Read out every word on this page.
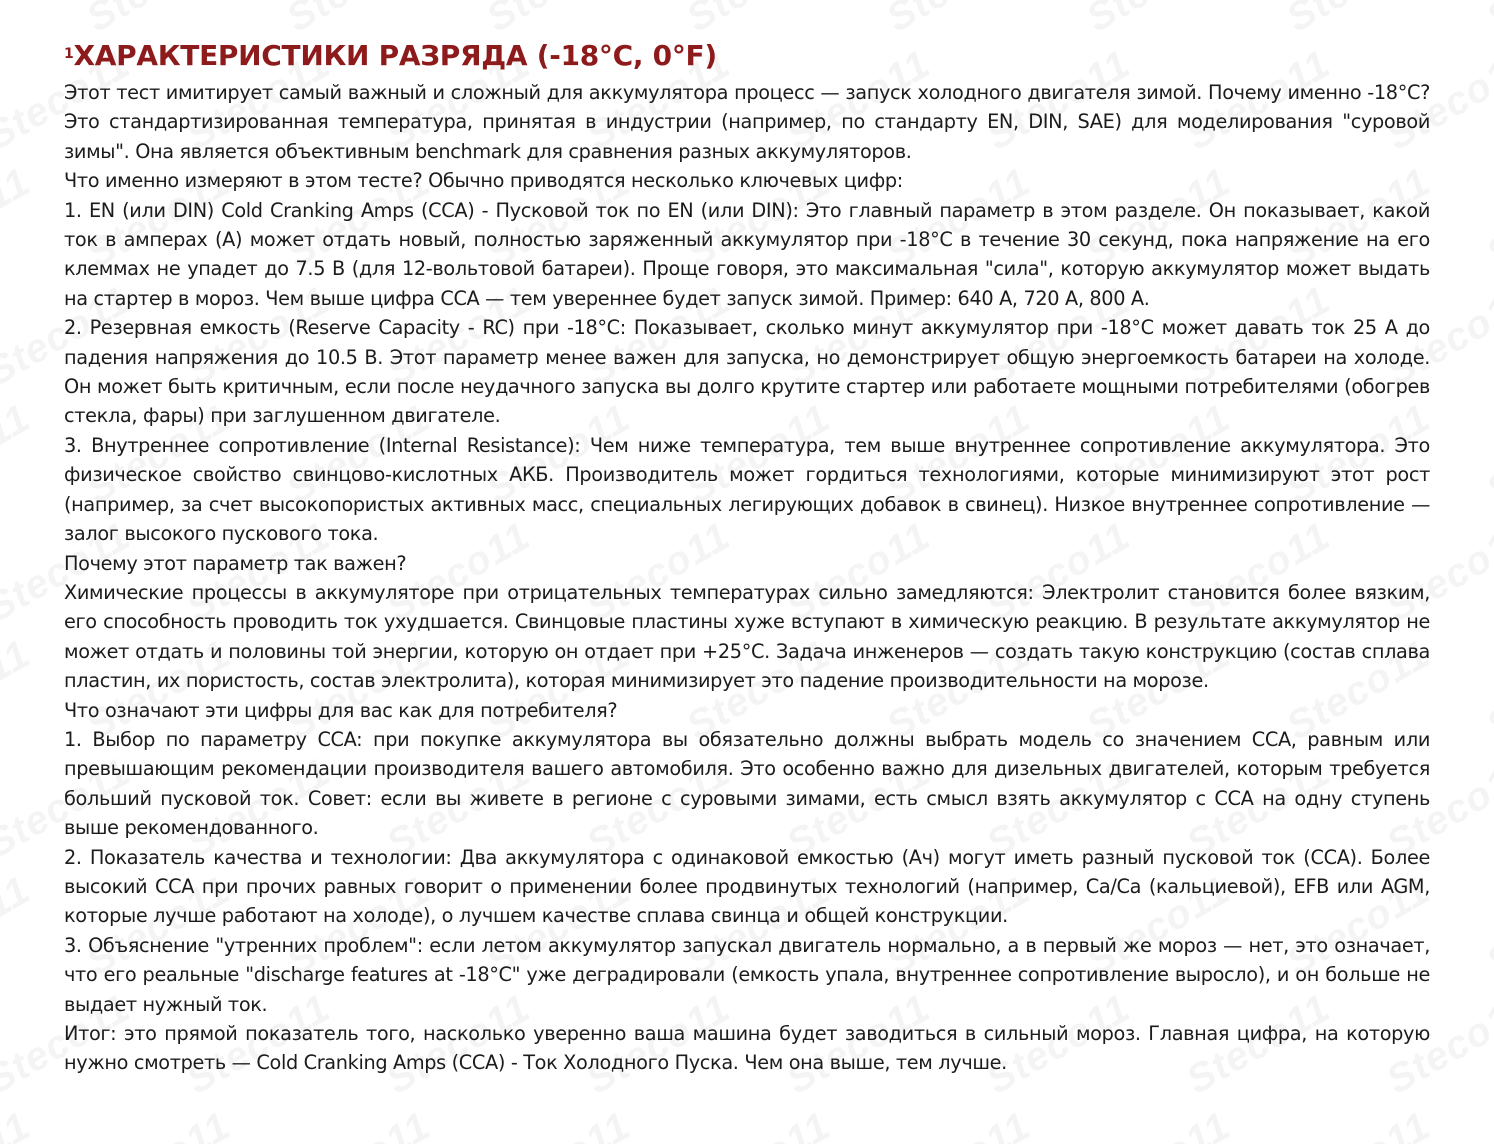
$^1$ХАРАКТЕРИСТИКИ РАЗРЯДА (-18°С, 0°F)

Этот тест имитирует самый важный и сложный для аккумулятора процесс — запуск холодного двигателя зимой. Почему именно -18°C? Это стандартизированная температура, принятая в индустрии (например, по стандарту EN, DIN, SAE) для моделирования "суровой зимы". Она является объективным benchmark для сравнения разных аккумуляторов.

Что именно измеряют в этом тесте? Обычно приводятся несколько ключевых цифр:

1. EN (или DIN) Cold Cranking Amps (CCA) - Пусковой ток по EN (или DIN): Это главный параметр в этом разделе. Он показывает, какой ток в амперах (А) может отдать новый, полностью заряженный аккумулятор при -18°C в течение 30 секунд, пока напряжение на его клеммах не упадет до 7.5 В (для 12-вольтовой батареи). Проще говоря, это максимальная "сила", которую аккумулятор может выдать на стартер в мороз. Чем выше цифра CCA — тем увереннее будет запуск зимой. Пример: 640 А, 720 А, 800 А.

2. Резервная емкость (Reserve Capacity - RC) при -18°C: Показывает, сколько минут аккумулятор при -18°C может давать ток 25 А до падения напряжения до 10.5 В. Этот параметр менее важен для запуска, но демонстрирует общую энергоемкость батареи на холоде. Он может быть критичным, если после неудачного запуска вы долго крутите стартер или работаете мощными потребителями (обогрев стекла, фары) при заглушенном двигателе.

3. Внутреннее сопротивление (Internal Resistance): Чем ниже температура, тем выше внутреннее сопротивление аккумулятора. Это физическое свойство свинцово-кислотных АКБ. Производитель может гордиться технологиями, которые минимизируют этот рост (например, за счет высокопористых активных масс, специальных легирующих добавок в свинец). Низкое внутреннее сопротивление — залог высокого пускового тока.

Почему этот параметр так важен?

Химические процессы в аккумуляторе при отрицательных температурах сильно замедляются: Электролит становится более вязким, его способность проводить ток ухудшается. Свинцовые пластины хуже вступают в химическую реакцию. В результате аккумулятор не может отдать и половины той энергии, которую он отдает при +25°C. Задача инженеров — создать такую конструкцию (состав сплава пластин, их пористость, состав электролита), которая минимизирует это падение производительности на морозе.

Что означают эти цифры для вас как для потребителя?

1. Выбор по параметру CCA: при покупке аккумулятора вы обязательно должны выбрать модель со значением CCA, равным или превышающим рекомендации производителя вашего автомобиля. Это особенно важно для дизельных двигателей, которым требуется больший пусковой ток. Совет: если вы живете в регионе с суровыми зимами, есть смысл взять аккумулятор с CCA на одну ступень выше рекомендованного.

2. Показатель качества и технологии: Два аккумулятора с одинаковой емкостью (Ач) могут иметь разный пусковой ток (CCA). Более высокий CCA при прочих равных говорит о применении более продвинутых технологий (например, Ca/Ca (кальциевой), EFB или AGM, которые лучше работают на холоде), о лучшем качестве сплава свинца и общей конструкции.

3. Объяснение "утренних проблем": если летом аккумулятор запускал двигатель нормально, а в первый же мороз — нет, это означает, что его реальные "discharge features at -18°C" уже деградировали (емкость упала, внутреннее сопротивление выросло), и он больше не выдает нужный ток.

Итог: это прямой показатель того, насколько уверенно ваша машина будет заводиться в сильный мороз. Главная цифра, на которую нужно смотреть — Cold Cranking Amps (CCA) - Ток Холодного Пуска. Чем она выше, тем лучше.
